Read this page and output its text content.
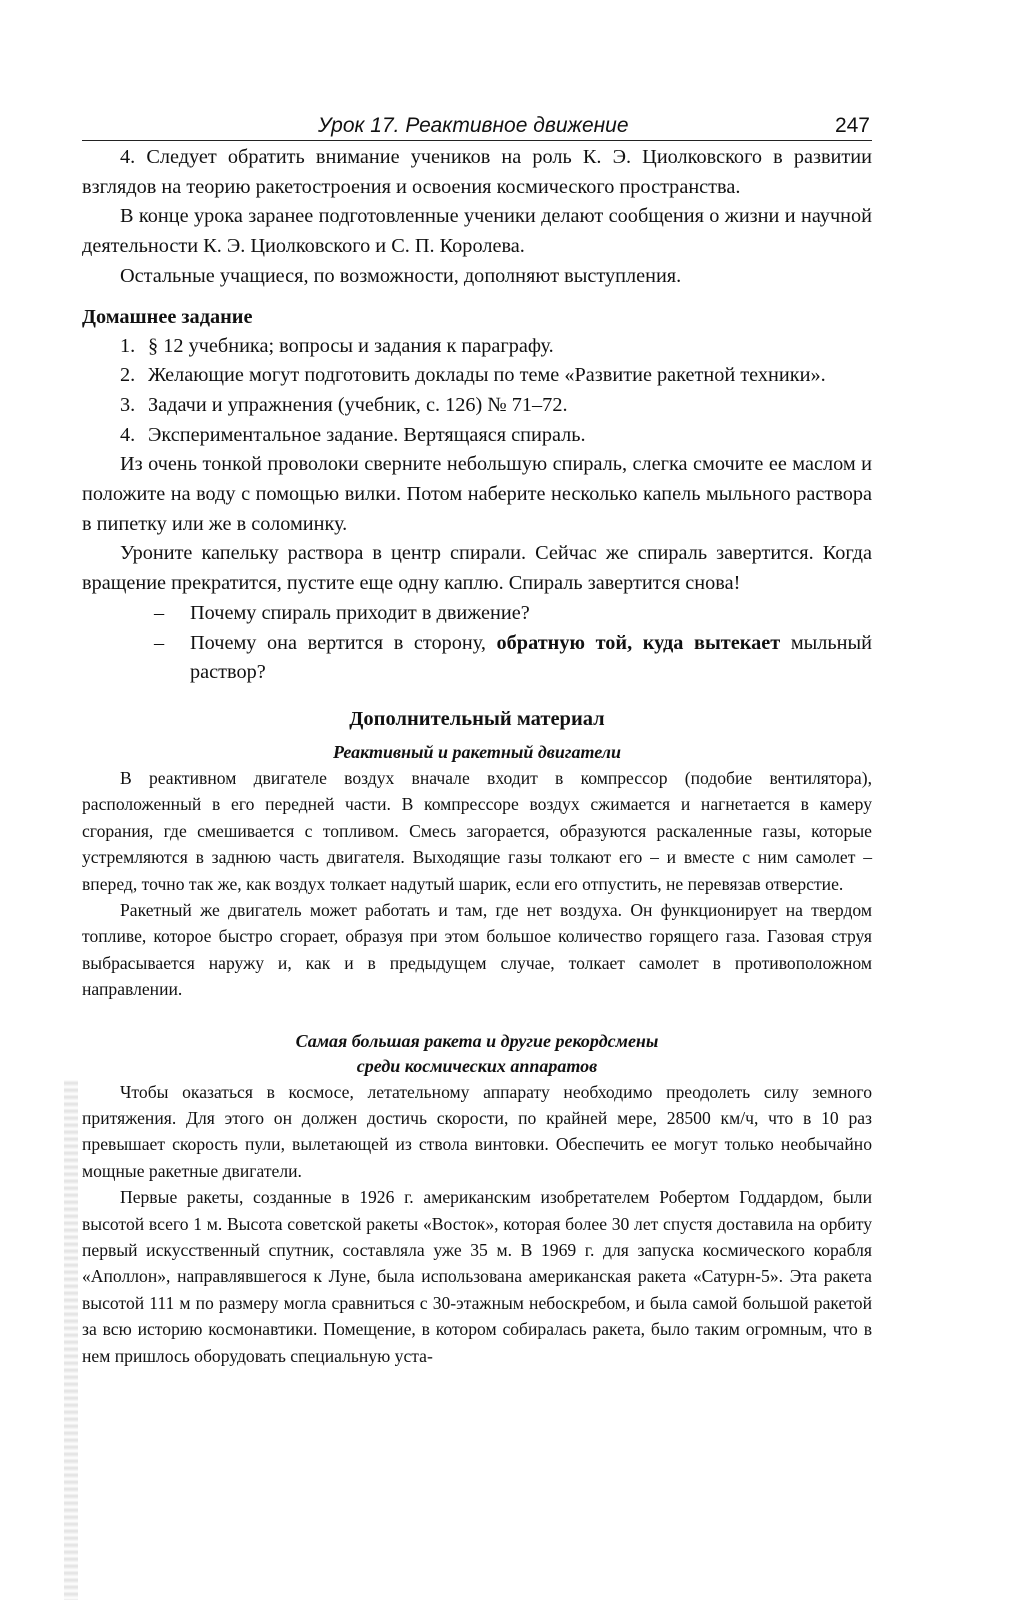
Урок 17. Реактивное движение	247

4. Следует обратить внимание учеников на роль К. Э. Циолковского в развитии взглядов на теорию ракетостроения и освоения космического пространства.

В конце урока заранее подготовленные ученики делают сообщения о жизни и научной деятельности К. Э. Циолковского и С. П. Королева.

Остальные учащиеся, по возможности, дополняют выступления.

Домашнее задание
1. § 12 учебника; вопросы и задания к параграфу.
2. Желающие могут подготовить доклады по теме «Развитие ракетной техники».
3. Задачи и упражнения (учебник, с. 126) № 71–72.
4. Экспериментальное задание. Вертящаяся спираль.

Из очень тонкой проволоки сверните небольшую спираль, слегка смочите ее маслом и положите на воду с помощью вилки. Потом наберите несколько капель мыльного раствора в пипетку или же в соломинку.

Уроните капельку раствора в центр спирали. Сейчас же спираль завертится. Когда вращение прекратится, пустите еще одну каплю. Спираль завертится снова!

–	Почему спираль приходит в движение?
–	Почему она вертится в сторону, обратную той, куда вытекает мыльный раствор?
Дополнительный материал
Реактивный и ракетный двигатели

В реактивном двигателе воздух вначале входит в компрессор (подобие вентилятора), расположенный в его передней части. В компрессоре воздух сжимается и нагнетается в камеру сгорания, где смешивается с топливом. Смесь загорается, образуются раскаленные газы, которые устремляются в заднюю часть двигателя. Выходящие газы толкают его – и вместе с ним самолет – вперед, точно так же, как воздух толкает надутый шарик, если его отпустить, не перевязав отверстие.

Ракетный же двигатель может работать и там, где нет воздуха. Он функционирует на твердом топливе, которое быстро сгорает, образуя при этом большое количество горящего газа. Газовая струя выбрасывается наружу и, как и в предыдущем случае, толкает самолет в противоположном направлении.

Самая большая ракета и другие рекордсмены
среди космических аппаратов

Чтобы оказаться в космосе, летательному аппарату необходимо преодолеть силу земного притяжения. Для этого он должен достичь скорости, по крайней мере, 28500 км/ч, что в 10 раз превышает скорость пули, вылетающей из ствола винтовки. Обеспечить ее могут только необычайно мощные ракетные двигатели.

Первые ракеты, созданные в 1926 г. американским изобретателем Робертом Годдардом, были высотой всего 1 м. Высота советской ракеты «Восток», которая более 30 лет спустя доставила на орбиту первый искусственный спутник, составляла уже 35 м. В 1969 г. для запуска космического корабля «Аполлон», направлявшегося к Луне, была использована американская ракета «Сатурн-5». Эта ракета высотой 111 м по размеру могла сравниться с 30-этажным небоскребом, и была самой большой ракетой за всю историю космонавтики. Помещение, в котором собиралась ракета, было таким огромным, что в нем пришлось оборудовать специальную уста-
